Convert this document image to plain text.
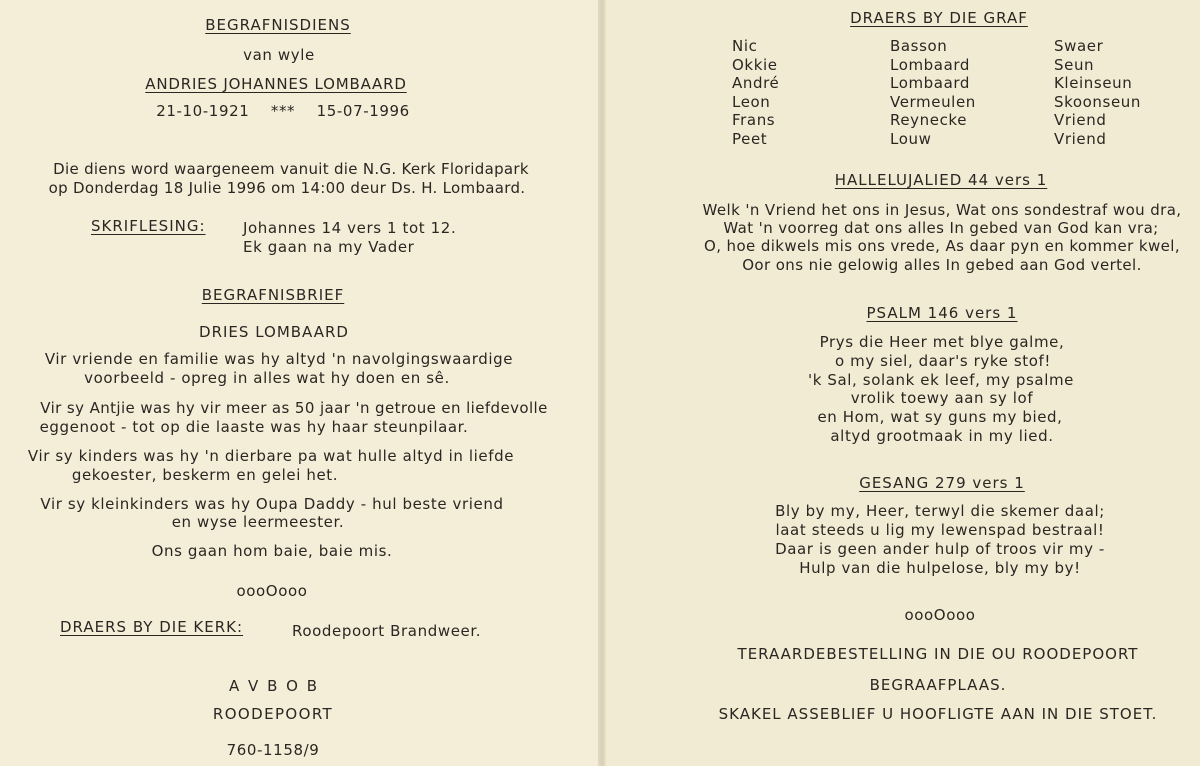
BEGRAFNISDIENS
van wyle
ANDRIES JOHANNES LOMBAARD
21-10-1921    ***    15-07-1996
Die diens word waargeneem vanuit die N.G. Kerk Floridapark
op Donderdag 18 Julie 1996 om 14:00 deur Ds. H. Lombaard.
SKRIFLESING: Johannes 14 vers 1 tot 12.
Ek gaan na my Vader
BEGRAFNISBRIEF
DRIES LOMBAARD
Vir vriende en familie was hy altyd 'n navolgingswaardige
voorbeeld - opreg in alles wat hy doen en sê.
Vir sy Antjie was hy vir meer as 50 jaar 'n getroue en liefdevolle
eggenoot - tot op die laaste was hy haar steunpilaar.
Vir sy kinders was hy 'n dierbare pa wat hulle altyd in liefde
gekoester, beskerm en gelei het.
Vir sy kleinkinders was hy Oupa Daddy - hul beste vriend
en wyse leermeester.
Ons gaan hom baie, baie mis.
oooOooo
DRAERS BY DIE KERK:	Roodepoort Brandweer.
A V B O B
ROODEPOORT
760-1158/9
DRAERS BY DIE GRAF
Nic
Okkie
André
Leon
Frans
Peet
Basson
Lombaard
Lombaard
Vermeulen
Reynecke
Louw
Swaer
Seun
Kleinseun
Skoonseun
Vriend
Vriend
HALLELUJALIED 44 vers 1
Welk 'n Vriend het ons in Jesus, Wat ons sondestraf wou dra,
Wat 'n voorreg dat ons alles In gebed van God kan vra;
O, hoe dikwels mis ons vrede, As daar pyn en kommer kwel,
Oor ons nie gelowig alles In gebed aan God vertel.
PSALM 146 vers 1
Prys die Heer met blye galme,
o my siel, daar's ryke stof!
'k Sal, solank ek leef, my psalme
vrolik toewy aan sy lof
en Hom, wat sy guns my bied,
altyd grootmaak in my lied.
GESANG 279 vers 1
Bly by my, Heer, terwyl die skemer daal;
laat steeds u lig my lewenspad bestraal!
Daar is geen ander hulp of troos vir my -
Hulp van die hulpelose, bly my by!
oooOooo
TERAARDEBESTELLING IN DIE OU ROODEPOORT
BEGRAAFPLAAS.
SKAKEL ASSEBLIEF U HOOFLIGTE AAN IN DIE STOET.
